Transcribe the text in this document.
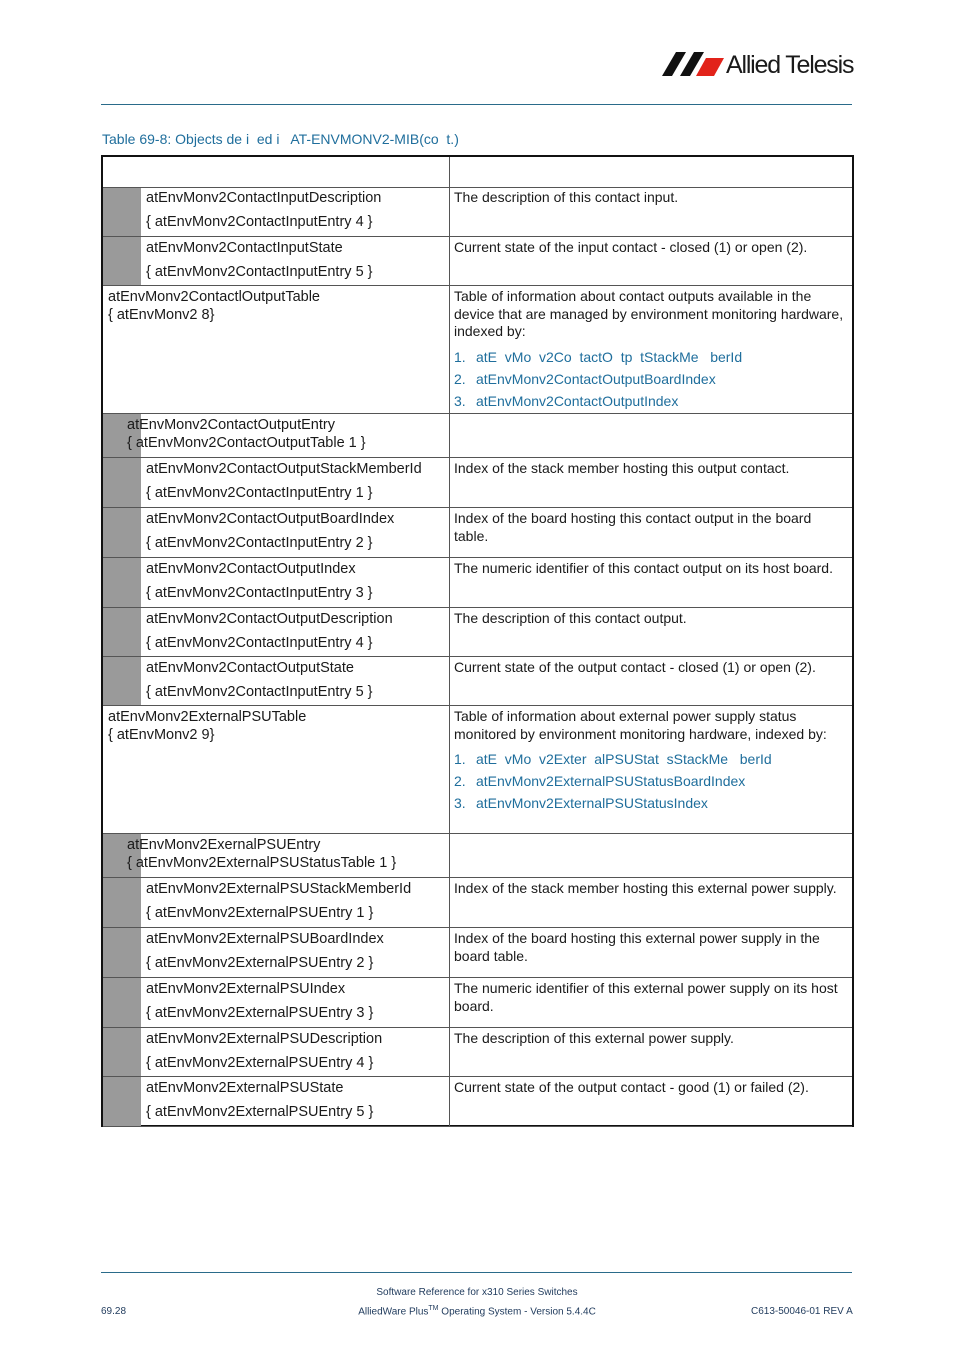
Allied Telesis
Table 69-8: Objects de i  ed i   AT-ENVMONV2-MIB(co  t.)
atEnvMonv2ContactInputDescription
{ atEnvMonv2ContactInputEntry 4 }
The description of this contact input.
atEnvMonv2ContactInputState
{ atEnvMonv2ContactInputEntry 5 }
Current state of the input contact - closed (1) or open (2).
atEnvMonv2ContactlOutputTable
{ atEnvMonv2 8}
Table of information about contact outputs available in the device that are managed by environment monitoring hardware, indexed by:
1. atE  vMo  v2Co  tactO  tp  tStackMe   berId
2. atEnvMonv2ContactOutputBoardIndex
3. atEnvMonv2ContactOutputIndex
atEnvMonv2ContactOutputEntry
{ atEnvMonv2ContactOutputTable 1 }
atEnvMonv2ContactOutputStackMemberId
{ atEnvMonv2ContactInputEntry 1 }
Index of the stack member hosting this output contact.
atEnvMonv2ContactOutputBoardIndex
{ atEnvMonv2ContactInputEntry 2 }
Index of the board hosting this contact output in the board table.
atEnvMonv2ContactOutputIndex
{ atEnvMonv2ContactInputEntry 3 }
The numeric identifier of this contact output on its host board.
atEnvMonv2ContactOutputDescription
{ atEnvMonv2ContactInputEntry 4 }
The description of this contact output.
atEnvMonv2ContactOutputState
{ atEnvMonv2ContactInputEntry 5 }
Current state of the output contact - closed (1) or open (2).
atEnvMonv2ExternalPSUTable
{ atEnvMonv2 9}
Table of information about external power supply status monitored by environment monitoring hardware, indexed by:
1. atE  vMo  v2Exter  alPSUStat  sStackMe   berId
2. atEnvMonv2ExternalPSUStatusBoardIndex
3. atEnvMonv2ExternalPSUStatusIndex
atEnvMonv2ExernalPSUEntry
{ atEnvMonv2ExternalPSUStatusTable 1 }
atEnvMonv2ExternalPSUStackMemberId
{ atEnvMonv2ExternalPSUEntry 1 }
Index of the stack member hosting this external power supply.
atEnvMonv2ExternalPSUBoardIndex
{ atEnvMonv2ExternalPSUEntry 2 }
Index of the board hosting this external power supply in the board table.
atEnvMonv2ExternalPSUIndex
{ atEnvMonv2ExternalPSUEntry 3 }
The numeric identifier of this external power supply on its host board.
atEnvMonv2ExternalPSUDescription
{ atEnvMonv2ExternalPSUEntry 4 }
The description of this external power supply.
atEnvMonv2ExternalPSUState
{ atEnvMonv2ExternalPSUEntry 5 }
Current state of the output contact - good (1) or failed (2).
Software Reference for x310 Series Switches
AlliedWare Plus™ Operating System - Version 5.4.4C
69.28	C613-50046-01 REV A
